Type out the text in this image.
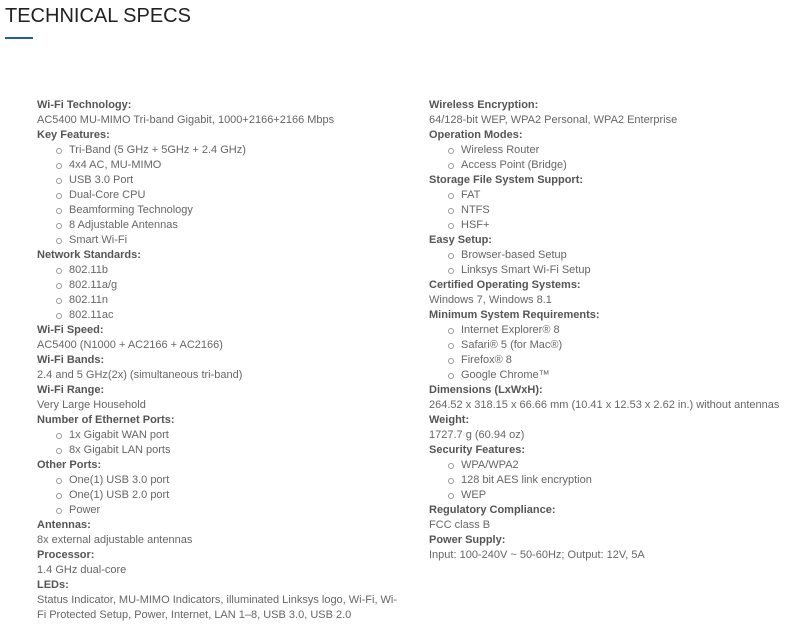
TECHNICAL SPECS
Wi-Fi Technology:
AC5400 MU-MIMO Tri-band Gigabit, 1000+2166+2166 Mbps
Key Features:
Tri-Band (5 GHz + 5GHz + 2.4 GHz)
4x4 AC, MU-MIMO
USB 3.0 Port
Dual-Core CPU
Beamforming Technology
8 Adjustable Antennas
Smart Wi-Fi
Network Standards:
802.11b
802.11a/g
802.11n
802.11ac
Wi-Fi Speed:
AC5400 (N1000 + AC2166 + AC2166)
Wi-Fi Bands:
2.4 and 5 GHz(2x) (simultaneous tri-band)
Wi-Fi Range:
Very Large Household
Number of Ethernet Ports:
1x Gigabit WAN port
8x Gigabit LAN ports
Other Ports:
One(1) USB 3.0 port
One(1) USB 2.0 port
Power
Antennas:
8x external adjustable antennas
Processor:
1.4 GHz dual-core
LEDs:
Status Indicator, MU-MIMO Indicators, illuminated Linksys logo, Wi-Fi, Wi-Fi Protected Setup, Power, Internet, LAN 1–8, USB 3.0, USB 2.0
Wireless Encryption:
64/128-bit WEP, WPA2 Personal, WPA2 Enterprise
Operation Modes:
Wireless Router
Access Point (Bridge)
Storage File System Support:
FAT
NTFS
HSF+
Easy Setup:
Browser-based Setup
Linksys Smart Wi-Fi Setup
Certified Operating Systems:
Windows 7, Windows 8.1
Minimum System Requirements:
Internet Explorer® 8
Safari® 5 (for Mac®)
Firefox® 8
Google Chrome™
Dimensions (LxWxH):
264.52 x 318.15 x 66.66 mm (10.41 x 12.53 x 2.62 in.) without antennas
Weight:
1727.7 g (60.94 oz)
Security Features:
WPA/WPA2
128 bit AES link encryption
WEP
Regulatory Compliance:
FCC class B
Power Supply:
Input: 100-240V ~ 50-60Hz; Output: 12V, 5A
